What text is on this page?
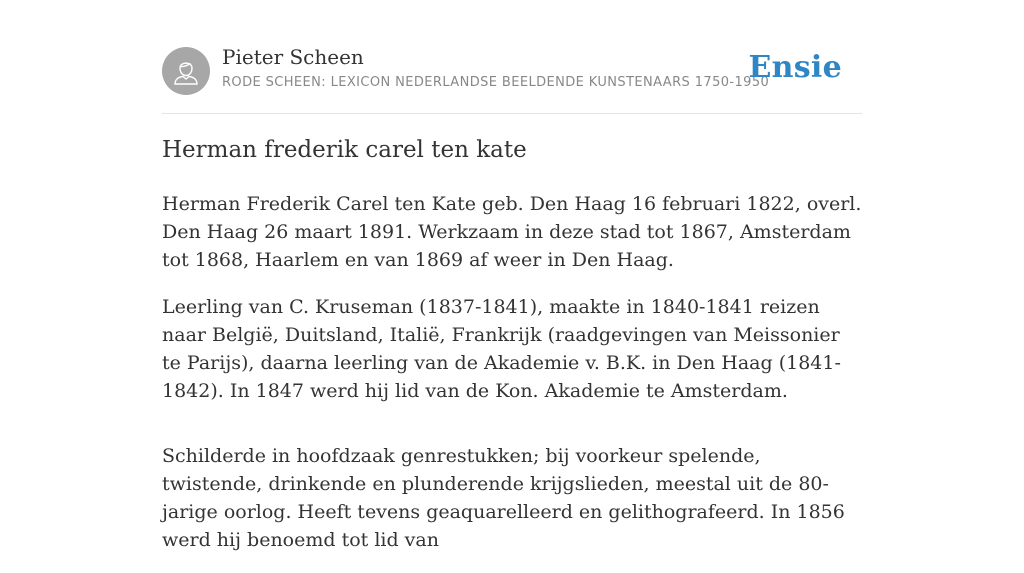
Pieter Scheen
RODE SCHEEN: LEXICON NEDERLANDSE BEELDENDE KUNSTENAARS 1750-1950
Ensie
Herman frederik carel ten kate

Herman Frederik Carel ten Kate geb. Den Haag 16 februari 1822, overl. Den Haag 26 maart 1891. Werkzaam in deze stad tot 1867, Amsterdam tot 1868, Haarlem en van 1869 af weer in Den Haag.

Leerling van C. Kruseman (1837-1841), maakte in 1840-1841 reizen naar België, Duitsland, Italië, Frankrijk (raadgevingen van Meissonier te Parijs), daarna leerling van de Akademie v. B.K. in Den Haag (1841-1842). In 1847 werd hij lid van de Kon. Akademie te Amsterdam.

Schilderde in hoofdzaak genrestukken; bij voorkeur spelende, twistende, drinkende en plunderende krijgslieden, meestal uit de 80-jarige oorlog. Heeft tevens geaquarelleerd en gelithografeerd. In 1856 werd hij benoemd tot lid van
